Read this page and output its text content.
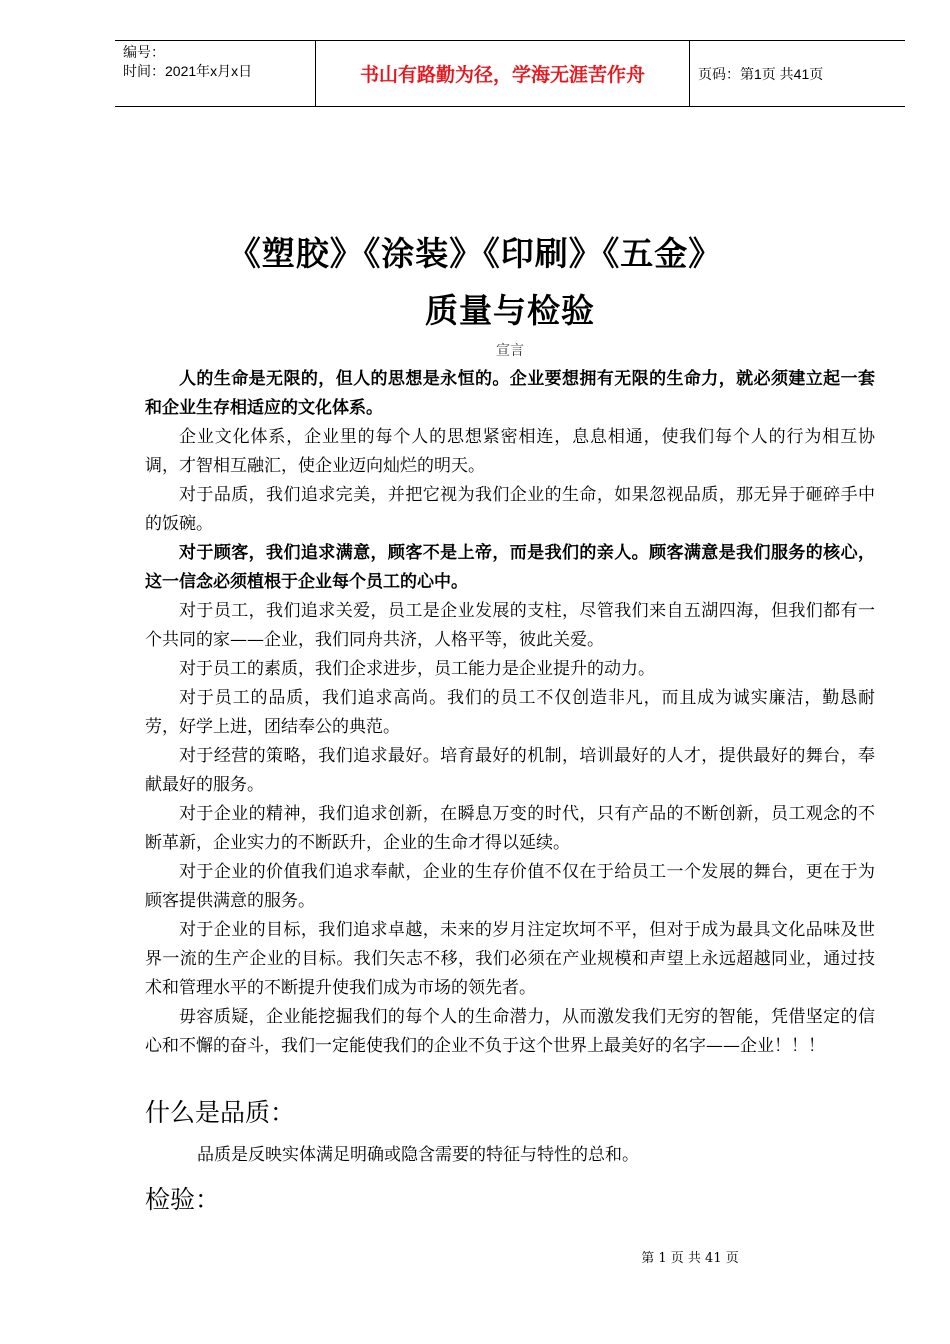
编号：
时间：2021年x月x日	书山有路勤为径，学海无涯苦作舟	页码：第1页 共41页
《塑胶》《涂装》《印刷》《五金》
质量与检验
宣言

人的生命是无限的，但人的思想是永恒的。企业要想拥有无限的生命力，就必须建立起一套和企业生存相适应的文化体系。

企业文化体系，企业里的每个人的思想紧密相连，息息相通，使我们每个人的行为相互协调，才智相互融汇，使企业迈向灿烂的明天。

对于品质，我们追求完美，并把它视为我们企业的生命，如果忽视品质，那无异于砸碎手中的饭碗。

对于顾客，我们追求满意，顾客不是上帝，而是我们的亲人。顾客满意是我们服务的核心，这一信念必须植根于企业每个员工的心中。

对于员工，我们追求关爱，员工是企业发展的支柱，尽管我们来自五湖四海，但我们都有一个共同的家——企业，我们同舟共济，人格平等，彼此关爱。

对于员工的素质，我们企求进步，员工能力是企业提升的动力。

对于员工的品质，我们追求高尚。我们的员工不仅创造非凡，而且成为诚实廉洁，勤恳耐劳，好学上进，团结奉公的典范。

对于经营的策略，我们追求最好。培育最好的机制，培训最好的人才，提供最好的舞台，奉献最好的服务。

对于企业的精神，我们追求创新，在瞬息万变的时代，只有产品的不断创新，员工观念的不断革新，企业实力的不断跃升，企业的生命才得以延续。

对于企业的价值我们追求奉献，企业的生存价值不仅在于给员工一个发展的舞台，更在于为顾客提供满意的服务。

对于企业的目标，我们追求卓越，未来的岁月注定坎坷不平，但对于成为最具文化品味及世界一流的生产企业的目标。我们矢志不移，我们必须在产业规模和声望上永远超越同业，通过技术和管理水平的不断提升使我们成为市场的领先者。

毋容质疑，企业能挖掘我们的每个人的生命潜力，从而激发我们无穷的智能，凭借坚定的信心和不懈的奋斗，我们一定能使我们的企业不负于这个世界上最美好的名字——企业！！！

什么是品质：
品质是反映实体满足明确或隐含需要的特征与特性的总和。
检验：
第 1 页 共 41 页
